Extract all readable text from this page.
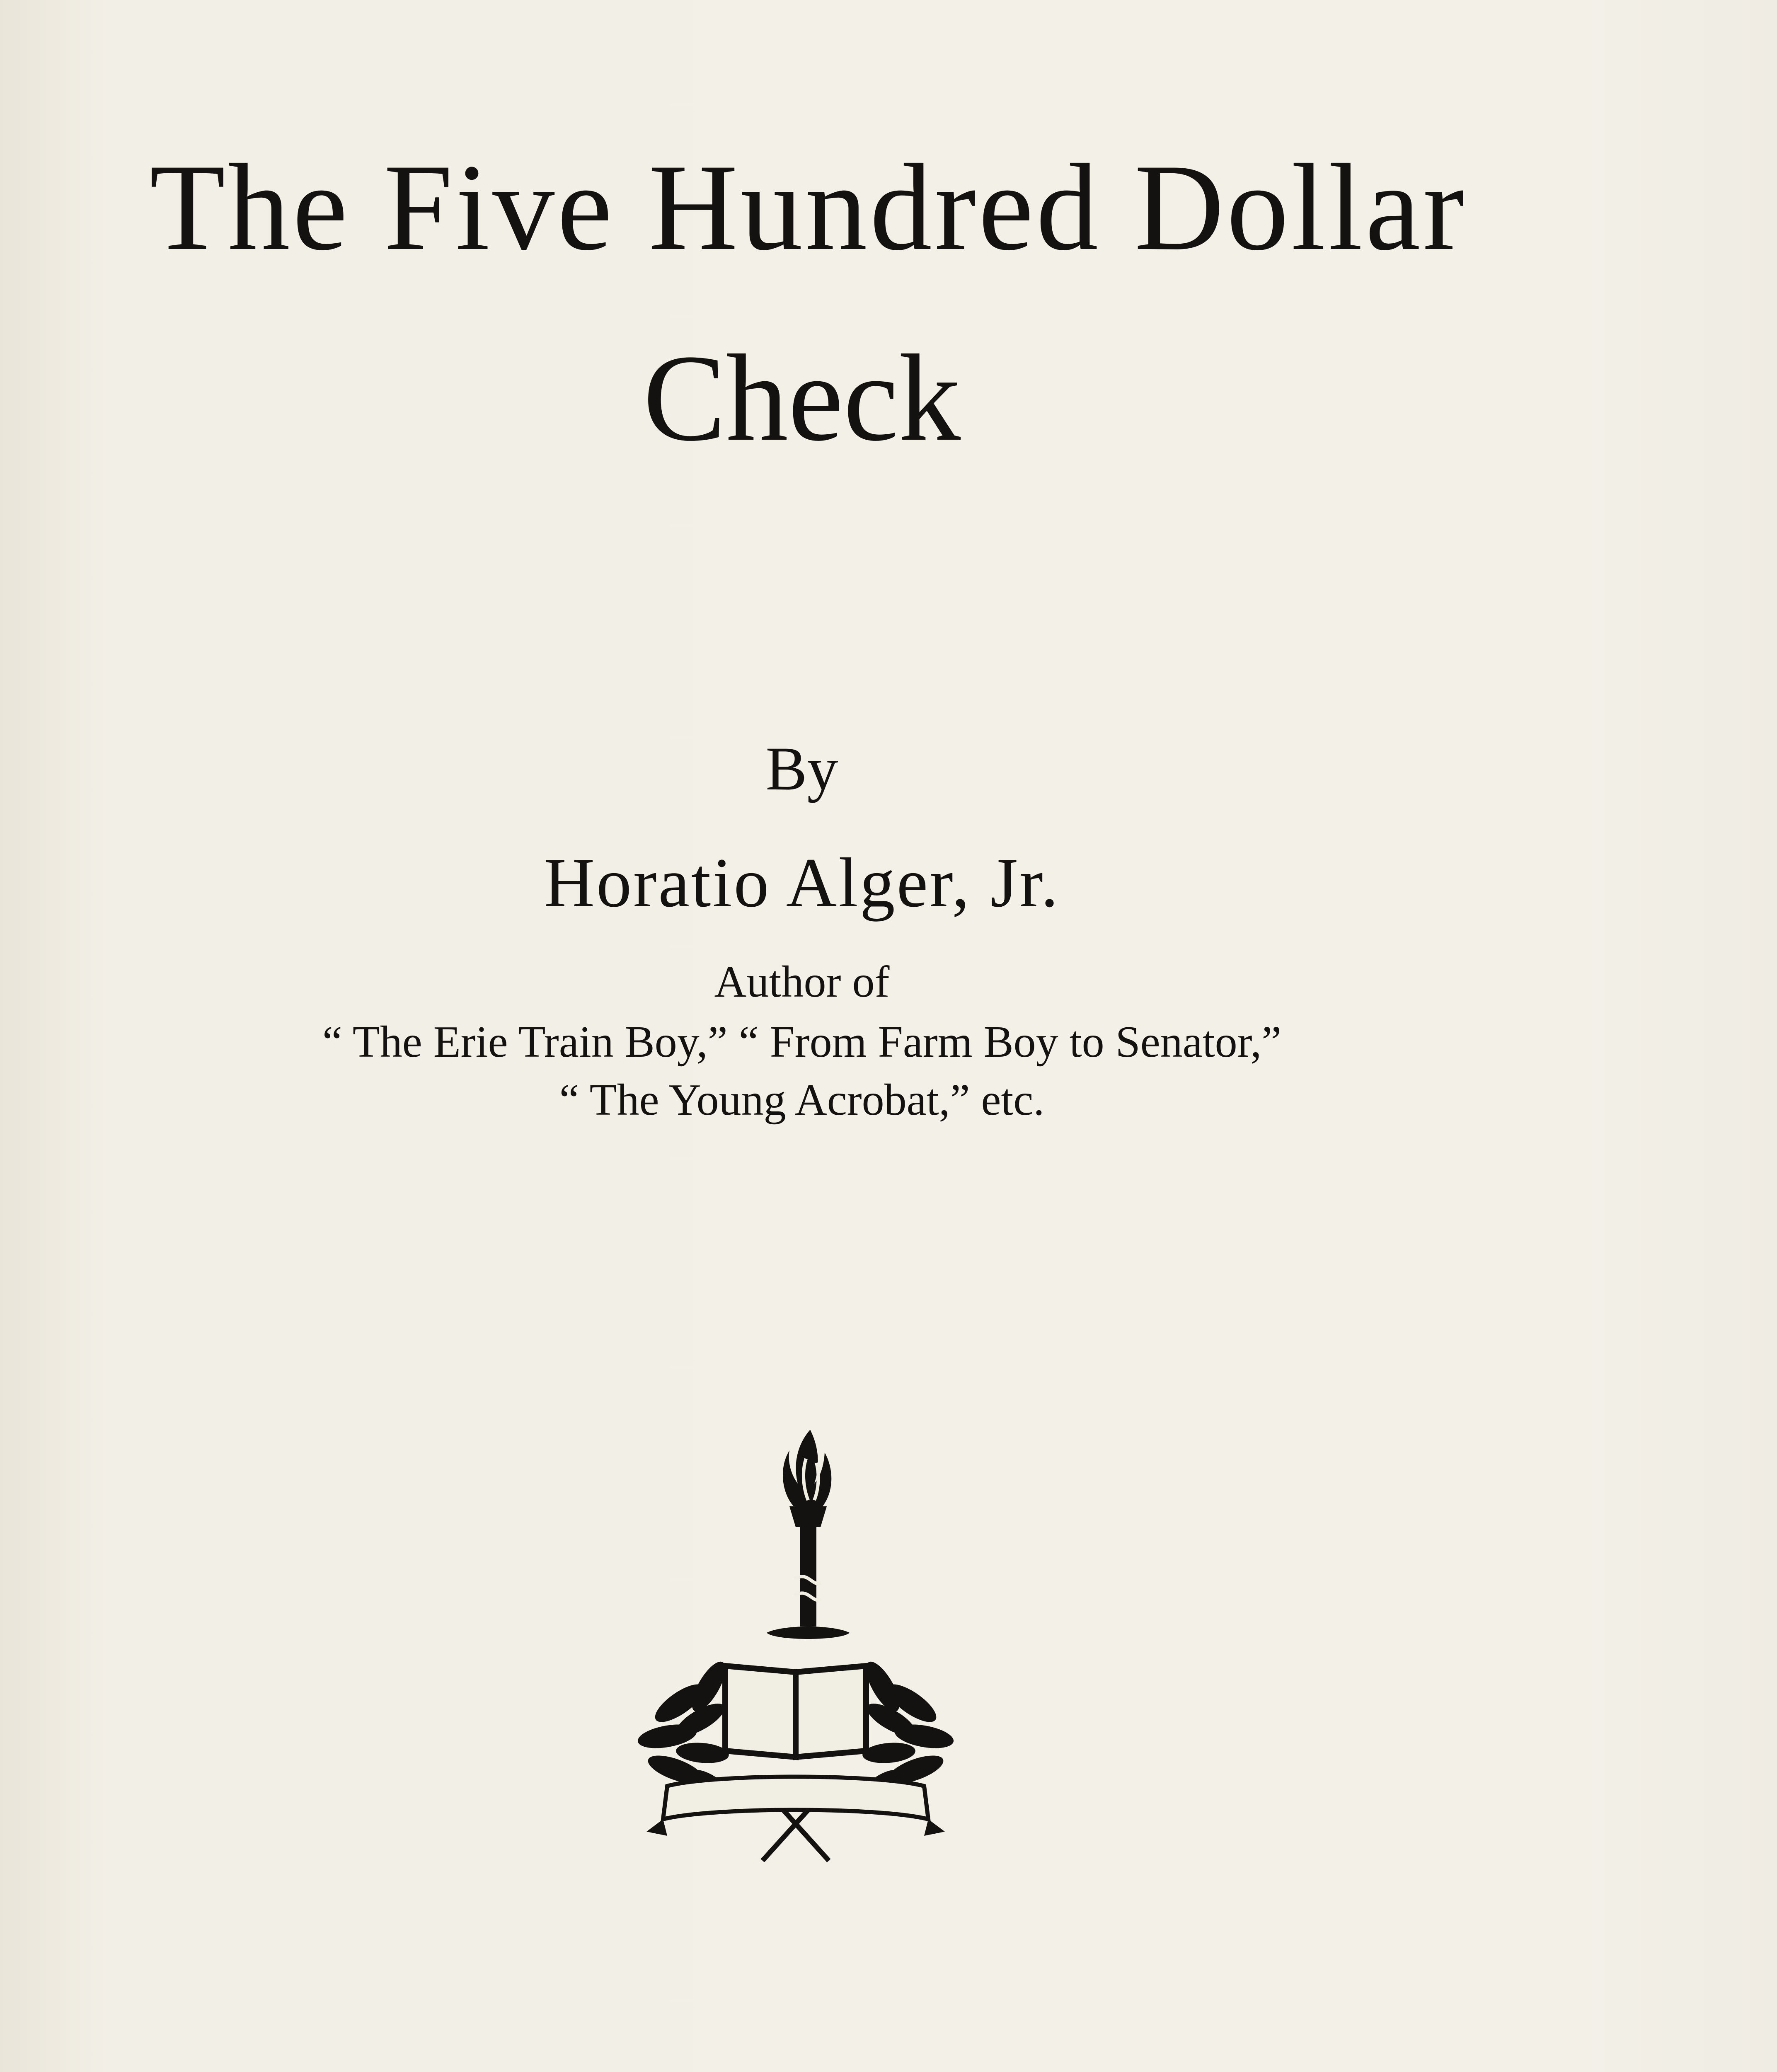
The Five Hundred Dollar
Check
By
Horatio Alger, Jr.
Author of
“ The Erie Train Boy,” “ From Farm Boy to Senator,”
“ The Young Acrobat,” etc.
